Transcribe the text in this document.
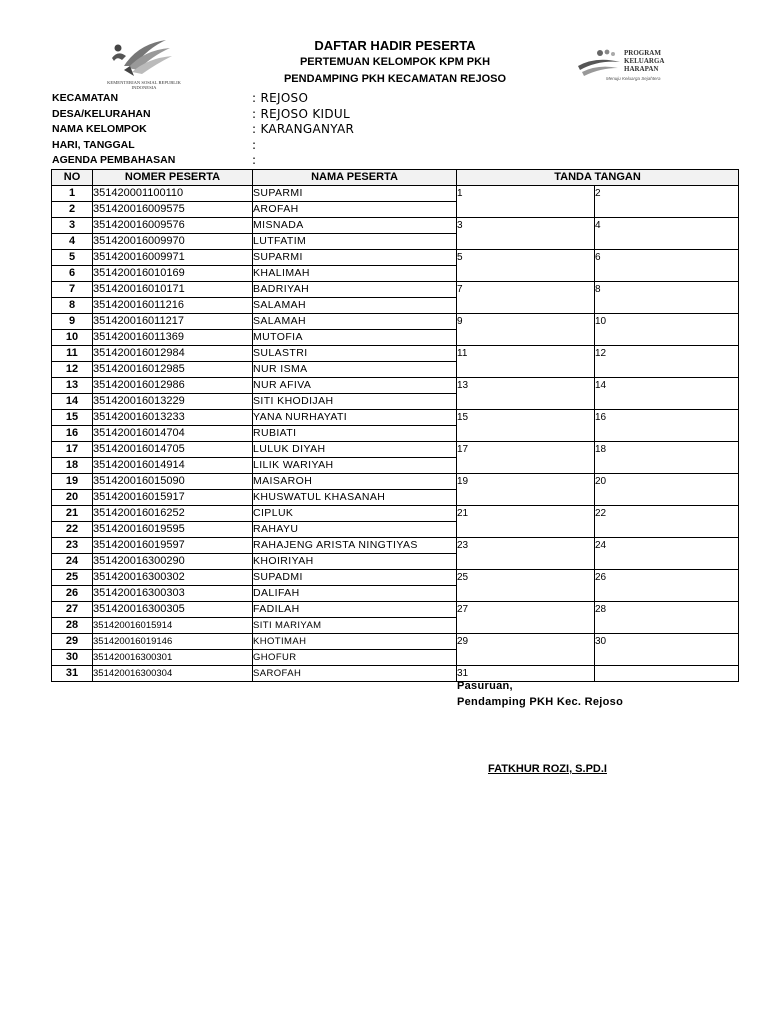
KEMENTERIAN SOSIAL REPUBLIK INDONESIA
PROGRAM
KELUARGA
HARAPAN
Menuju Keluarga Sejahtera
DAFTAR HADIR PESERTA
PERTEMUAN KELOMPOK KPM PKH
PENDAMPING PKH KECAMATAN REJOSO
KECAMATAN	: REJOSO
DESA/KELURAHAN	: REJOSO KIDUL
NAMA KELOMPOK	: KARANGANYAR
HARI, TANGGAL	:
AGENDA PEMBAHASAN	:
NO	NOMER PESERTA	NAMA PESERTA	TANDA TANGAN	
1	351420001100110	SUPARMI	1	2
2	351420016009575	AROFAH		
3	351420016009576	MISNADA	3	4
4	351420016009970	LUTFATIM		
5	351420016009971	SUPARMI	5	6
6	351420016010169	KHALIMAH		
7	351420016010171	BADRIYAH	7	8
8	351420016011216	SALAMAH		
9	351420016011217	SALAMAH	9	10
10	351420016011369	MUTOFIA		
11	351420016012984	SULASTRI	11	12
12	351420016012985	NUR ISMA		
13	351420016012986	NUR AFIVA	13	14
14	351420016013229	SITI KHODIJAH		
15	351420016013233	YANA NURHAYATI	15	16
16	351420016014704	RUBIATI		
17	351420016014705	LULUK DIYAH	17	18
18	351420016014914	LILIK WARIYAH		
19	351420016015090	MAISAROH	19	20
20	351420016015917	KHUSWATUL KHASANAH		
21	351420016016252	CIPLUK	21	22
22	351420016019595	RAHAYU		
23	351420016019597	RAHAJENG ARISTA NINGTIYAS	23	24
24	351420016300290	KHOIRIYAH		
25	351420016300302	SUPADMI	25	26
26	351420016300303	DALIFAH		
27	351420016300305	FADILAH	27	28
28	351420016015914	SITI MARIYAM		
29	351420016019146	KHOTIMAH	29	30
30	351420016300301	GHOFUR		
31	351420016300304	SAROFAH	31	
Pasuruan,
Pendamping PKH Kec. Rejoso
FATKHUR ROZI, S.PD.I
